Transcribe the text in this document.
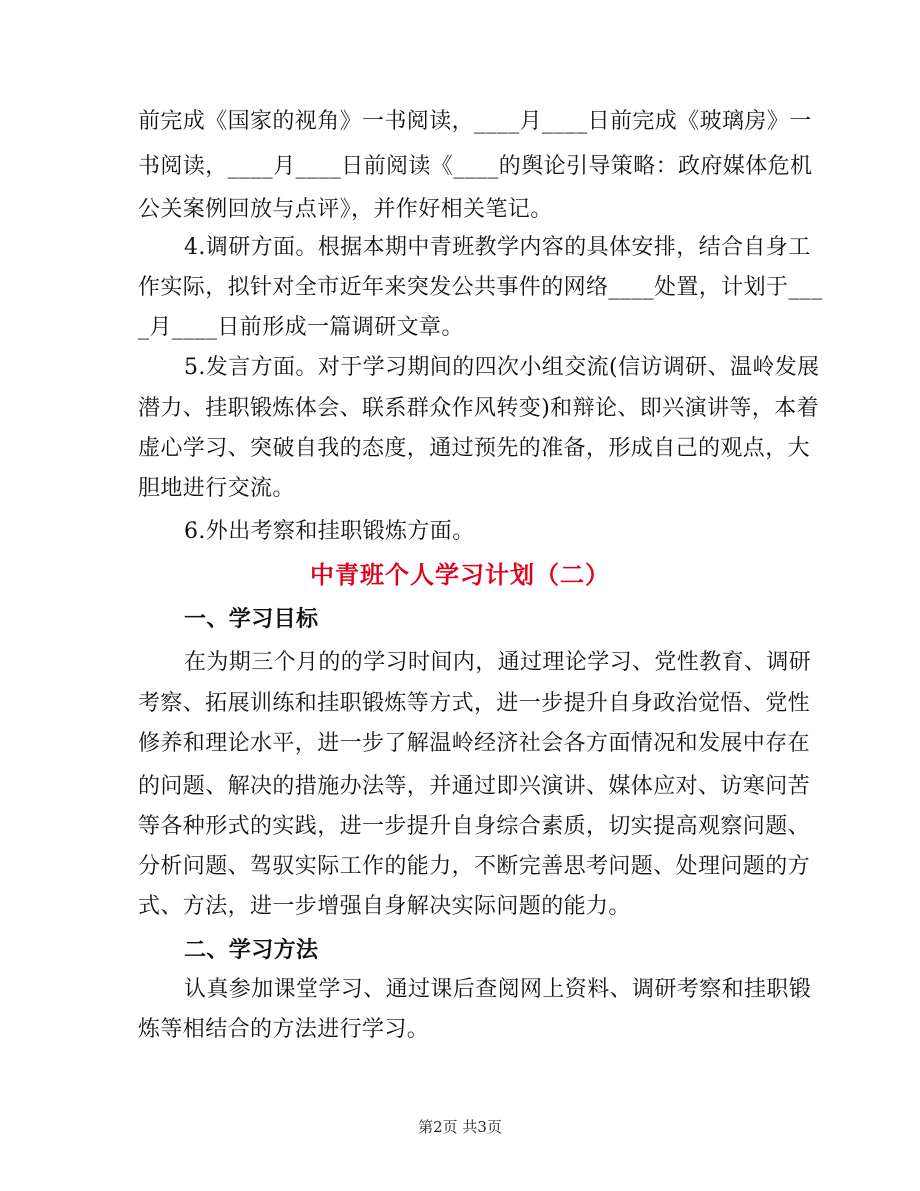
前完成《国家的视角》一书阅读，____月____日前完成《玻璃房》一
书阅读，____月____日前阅读《____的舆论引导策略：政府媒体危机
公关案例回放与点评》，并作好相关笔记。
4.调研方面。根据本期中青班教学内容的具体安排，结合自身工
作实际，拟针对全市近年来突发公共事件的网络____处置，计划于___
_月____日前形成一篇调研文章。
5.发言方面。对于学习期间的四次小组交流(信访调研、温岭发展
潜力、挂职锻炼体会、联系群众作风转变)和辩论、即兴演讲等，本着
虚心学习、突破自我的态度，通过预先的准备，形成自己的观点，大
胆地进行交流。
6.外出考察和挂职锻炼方面。
中青班个人学习计划（二）
一、学习目标
在为期三个月的的学习时间内，通过理论学习、党性教育、调研
考察、拓展训练和挂职锻炼等方式，进一步提升自身政治觉悟、党性
修养和理论水平，进一步了解温岭经济社会各方面情况和发展中存在
的问题、解决的措施办法等，并通过即兴演讲、媒体应对、访寒问苦
等各种形式的实践，进一步提升自身综合素质，切实提高观察问题、
分析问题、驾驭实际工作的能力，不断完善思考问题、处理问题的方
式、方法，进一步增强自身解决实际问题的能力。
二、学习方法
认真参加课堂学习、通过课后查阅网上资料、调研考察和挂职锻
炼等相结合的方法进行学习。
第2页 共3页
